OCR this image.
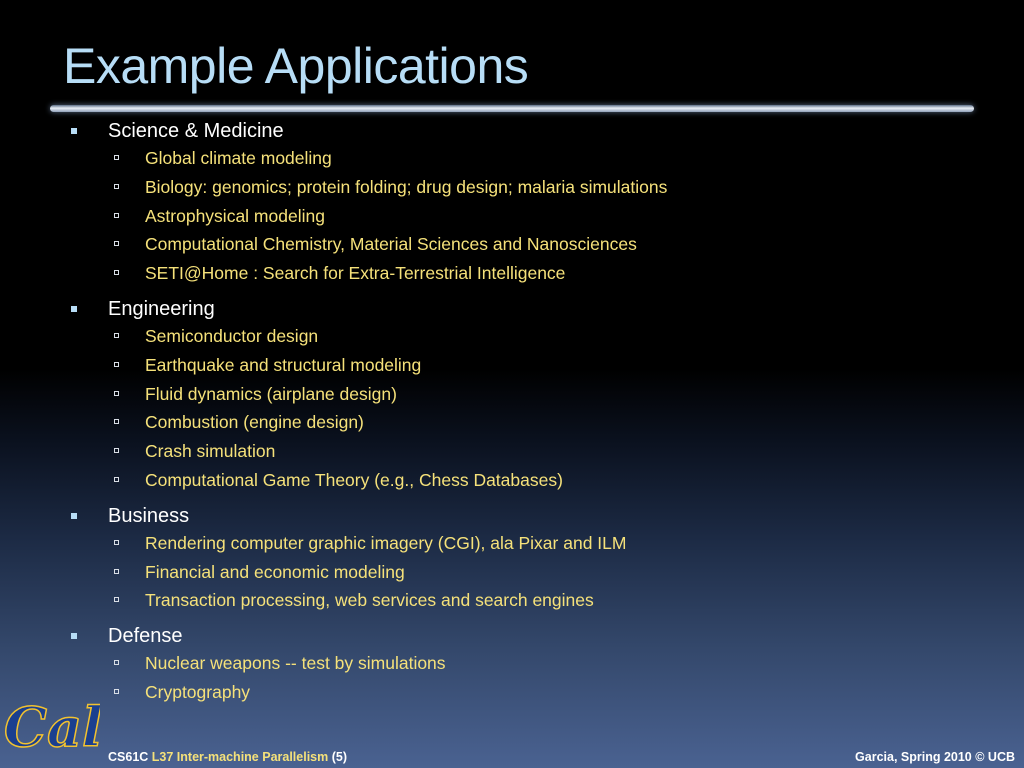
Example Applications
Science & Medicine
Global climate modeling
Biology: genomics; protein folding; drug design; malaria simulations
Astrophysical modeling
Computational Chemistry, Material Sciences and Nanosciences
SETI@Home : Search for Extra-Terrestrial Intelligence
Engineering
Semiconductor design
Earthquake and structural modeling
Fluid dynamics (airplane design)
Combustion (engine design)
Crash simulation
Computational Game Theory (e.g., Chess Databases)
Business
Rendering computer graphic imagery (CGI), ala Pixar and ILM
Financial and economic modeling
Transaction processing, web services and search engines
Defense
Nuclear weapons -- test by simulations
Cryptography
Cal CS61C L37 Inter-machine Parallelism (5)	Garcia, Spring 2010 © UCB
